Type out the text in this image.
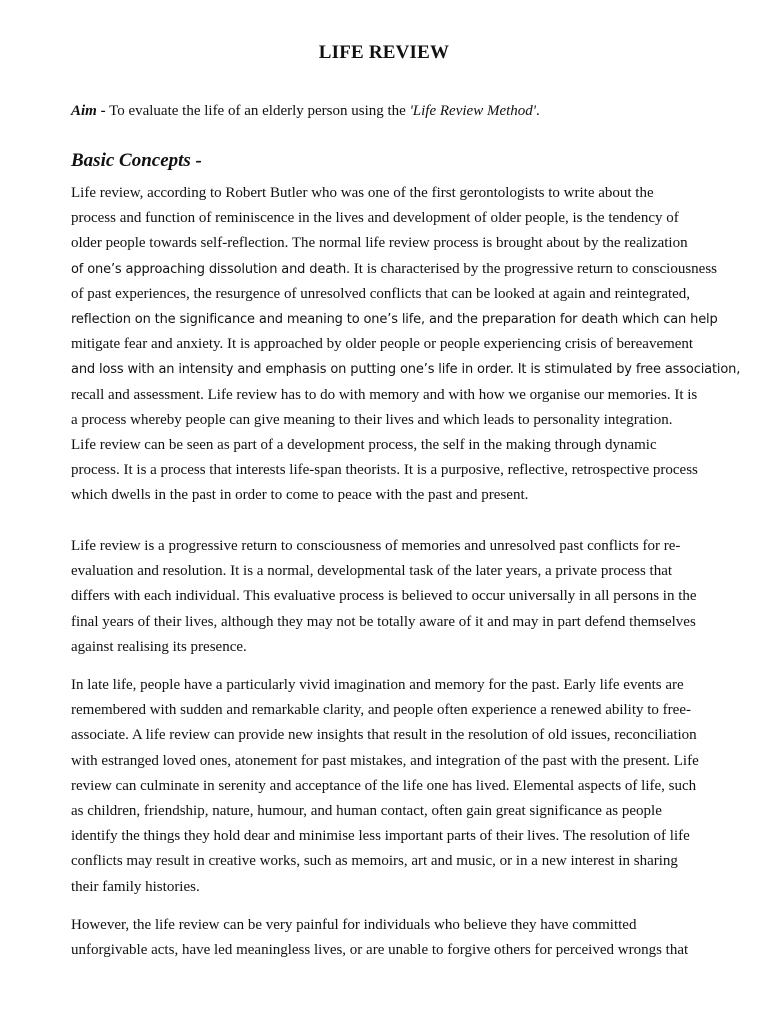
LIFE REVIEW
Aim - To evaluate the life of an elderly person using the 'Life Review Method'.
Basic Concepts -
Life review, according to Robert Butler who was one of the first gerontologists to write about the
process and function of reminiscence in the lives and development of older people, is the tendency of
older people towards self-reflection. The normal life review process is brought about by the realization
of one’s approaching dissolution and death. It is characterised by the progressive return to consciousness
of past experiences, the resurgence of unresolved conflicts that can be looked at again and reintegrated,
reflection on the significance and meaning to one’s life, and the preparation for death which can help
mitigate fear and anxiety. It is approached by older people or people experiencing crisis of bereavement
and loss with an intensity and emphasis on putting one’s life in order. It is stimulated by free association,
recall and assessment. Life review has to do with memory and with how we organise our memories. It is
a process whereby people can give meaning to their lives and which leads to personality integration.
Life review can be seen as part of a development process, the self in the making through dynamic
process. It is a process that interests life-span theorists. It is a purposive, reflective, retrospective process
which dwells in the past in order to come to peace with the past and present.
Life review is a progressive return to consciousness of memories and unresolved past conflicts for re-
evaluation and resolution. It is a normal, developmental task of the later years, a private process that
differs with each individual. This evaluative process is believed to occur universally in all persons in the
final years of their lives, although they may not be totally aware of it and may in part defend themselves
against realising its presence.
In late life, people have a particularly vivid imagination and memory for the past. Early life events are
remembered with sudden and remarkable clarity, and people often experience a renewed ability to free-
associate. A life review can provide new insights that result in the resolution of old issues, reconciliation
with estranged loved ones, atonement for past mistakes, and integration of the past with the present. Life
review can culminate in serenity and acceptance of the life one has lived. Elemental aspects of life, such
as children, friendship, nature, humour, and human contact, often gain great significance as people
identify the things they hold dear and minimise less important parts of their lives. The resolution of life
conflicts may result in creative works, such as memoirs, art and music, or in a new interest in sharing
their family histories.
However, the life review can be very painful for individuals who believe they have committed
unforgivable acts, have led meaningless lives, or are unable to forgive others for perceived wrongs that
